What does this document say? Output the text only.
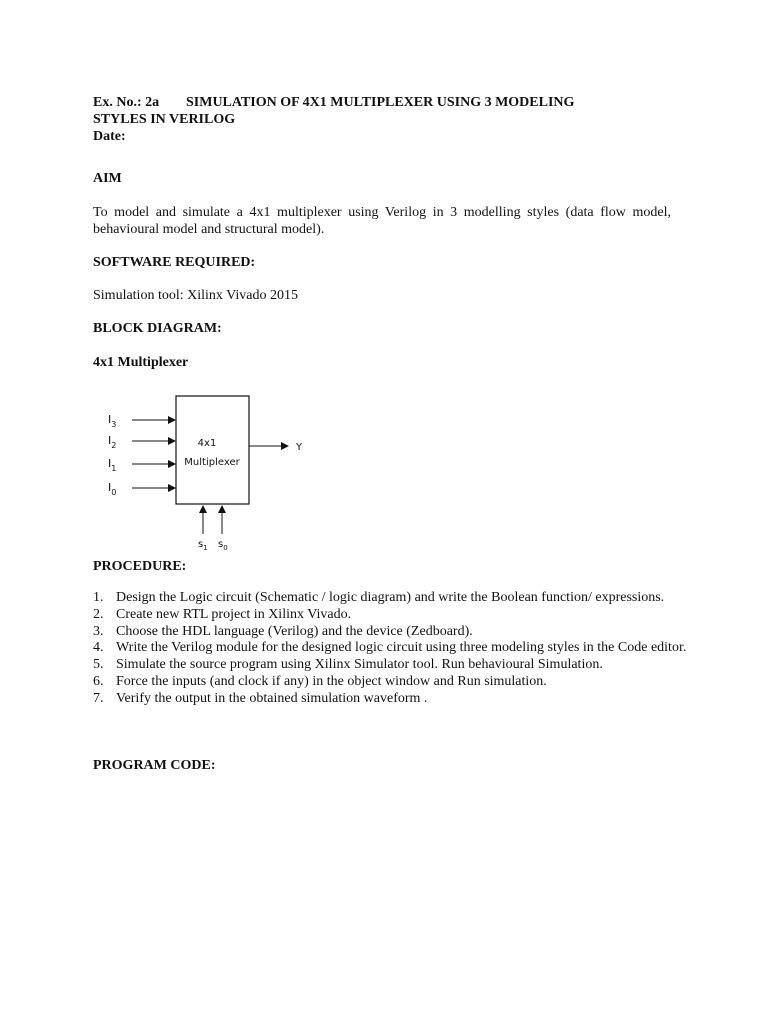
Ex. No.: 2a SIMULATION OF 4X1 MULTIPLEXER USING 3 MODELING
STYLES IN VERILOG
Date:
AIM
To model and simulate a 4x1 multiplexer using Verilog in 3 modelling styles (data flow model, behavioural model and structural model).
SOFTWARE REQUIRED:
Simulation tool: Xilinx Vivado 2015
BLOCK DIAGRAM:
4x1 Multiplexer
4x1
Multiplexer
$I_3$
$I_2$
$I_1$
$I_0$
Y
$s_1$ $s_0$
PROCEDURE:
1. Design the Logic circuit (Schematic / logic diagram) and write the Boolean function/ expressions.
2. Create new RTL project in Xilinx Vivado.
3. Choose the HDL language (Verilog) and the device (Zedboard).
4. Write the Verilog module for the designed logic circuit using three modeling styles in the Code editor.
5. Simulate the source program using Xilinx Simulator tool. Run behavioural Simulation.
6. Force the inputs (and clock if any) in the object window and Run simulation.
7. Verify the output in the obtained simulation waveform .
PROGRAM CODE:
